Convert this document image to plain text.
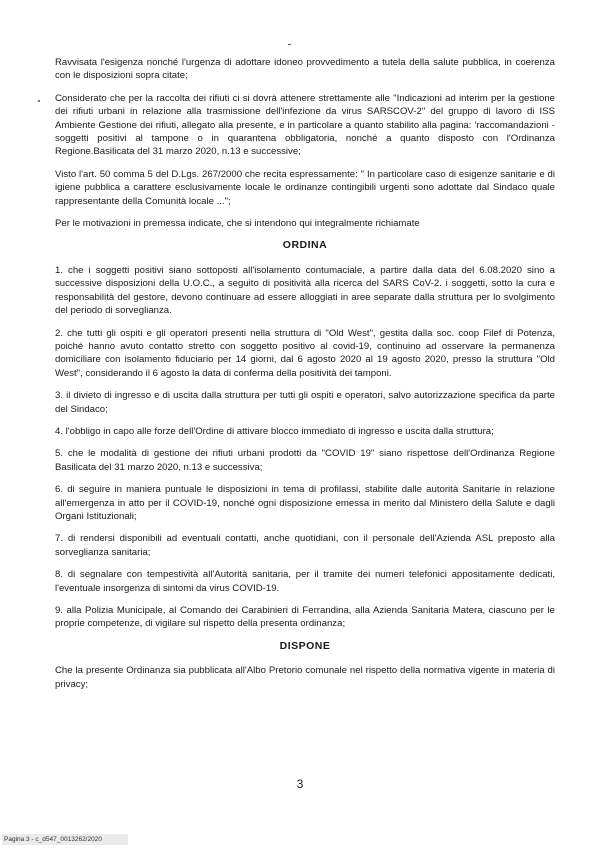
Ravvisata l'esigenza nonché l'urgenza di adottare idoneo provvedimento a tutela della salute pubblica, in coerenza con le disposizioni sopra citate;

Considerato che per la raccolta dei rifiuti ci si dovrà attenere strettamente alle "Indicazioni ad interim per la gestione dei rifiuti urbani in relazione alla trasmissione dell'infezione da virus SARSCOV-2" del gruppo di lavoro di ISS Ambiente Gestione dei rifiuti, allegato alla presente, e in particolare a quanto stabilito alla pagina: 'raccomandazioni -soggetti positivi al tampone o in quarantena obbligatoria, nonché a quanto disposto con l'Ordinanza Regione.Basilicata del 31 marzo 2020, n.13 e successive;

Visto l'art. 50 comma 5 del D.Lgs. 267/2000 che recita espressamente: " In particolare caso di esigenze sanitarie e di igiene pubblica a carattere esclusivamente locale le ordinanze contingibili urgenti sono adottate dal Sindaco quale rappresentante della Comunità locale ...";

Per le motivazioni in premessa indicate, che si intendono qui integralmente richiamate

ORDINA

1. che i soggetti positivi siano sottoposti all'isolamento contumaciale, a partire dalla data del 6.08.2020 sino a successive disposizioni della U.O.C., a seguito di positività alla ricerca del SARS CoV-2. i soggetti, sotto la cura e responsabilità del gestore, devono continuare ad essere alloggiati in aree separate dalla struttura per lo svolgimento del periodo di sorveglianza.

2. che tutti gli ospiti e gli operatori presenti nella struttura di "Old West", gestita dalla soc. coop Filef di Potenza, poiché hanno avuto contatto stretto con soggetto positivo al covid-19, continuino ad osservare la permanenza domiciliare con isolamento fiduciario per 14 giorni, dal 6 agosto 2020 al 19 agosto 2020, presso la struttura "Old West", considerando il 6 agosto la data di conferma della positività dei tamponi.

3. il divieto di ingresso e di uscita dalla struttura per tutti gli ospiti e operatori, salvo autorizzazione specifica da parte del Sindaco;

4. l'obbligo in capo alle forze dell'Ordine di attivare blocco immediato di ingresso e uscita dalla struttura;

5. che le modalità di gestione dei rifiuti urbani prodotti da "COVID 19" siano rispettose dell'Ordinanza Regione Basilicata del 31 marzo 2020, n.13 e successiva;

6. di seguire in maniera puntuale le disposizioni in tema di profilassi, stabilite dalle autorità Sanitarie in relazione all'emergenza in atto per il COVID-19, nonché ogni disposizione emessa in merito dal Ministero della Salute e dagli Organi Istituzionali;

7. di rendersi disponibili ad eventuali contatti, anche quotidiani, con il personale dell'Azienda ASL preposto alla sorveglianza sanitaria;

8. di segnalare con tempestività all'Autorità sanitaria, per il tramite dei numeri telefonici appositamente dedicati, l'eventuale insorgenza di sintomi da virus COVID-19.

9. alla Polizia Municipale, al Comando dei Carabinieri di Ferrandina, alla Azienda Sanitaria Matera, ciascuno per le proprie competenze, di vigilare sul rispetto della presenta ordinanza;

DISPONE

Che la presente Ordinanza sia pubblicata all'Albo Pretorio comunale nel rispetto della normativa vigente in materia di privacy;

3
Pagina 3 - c_d547_0013262/2020
